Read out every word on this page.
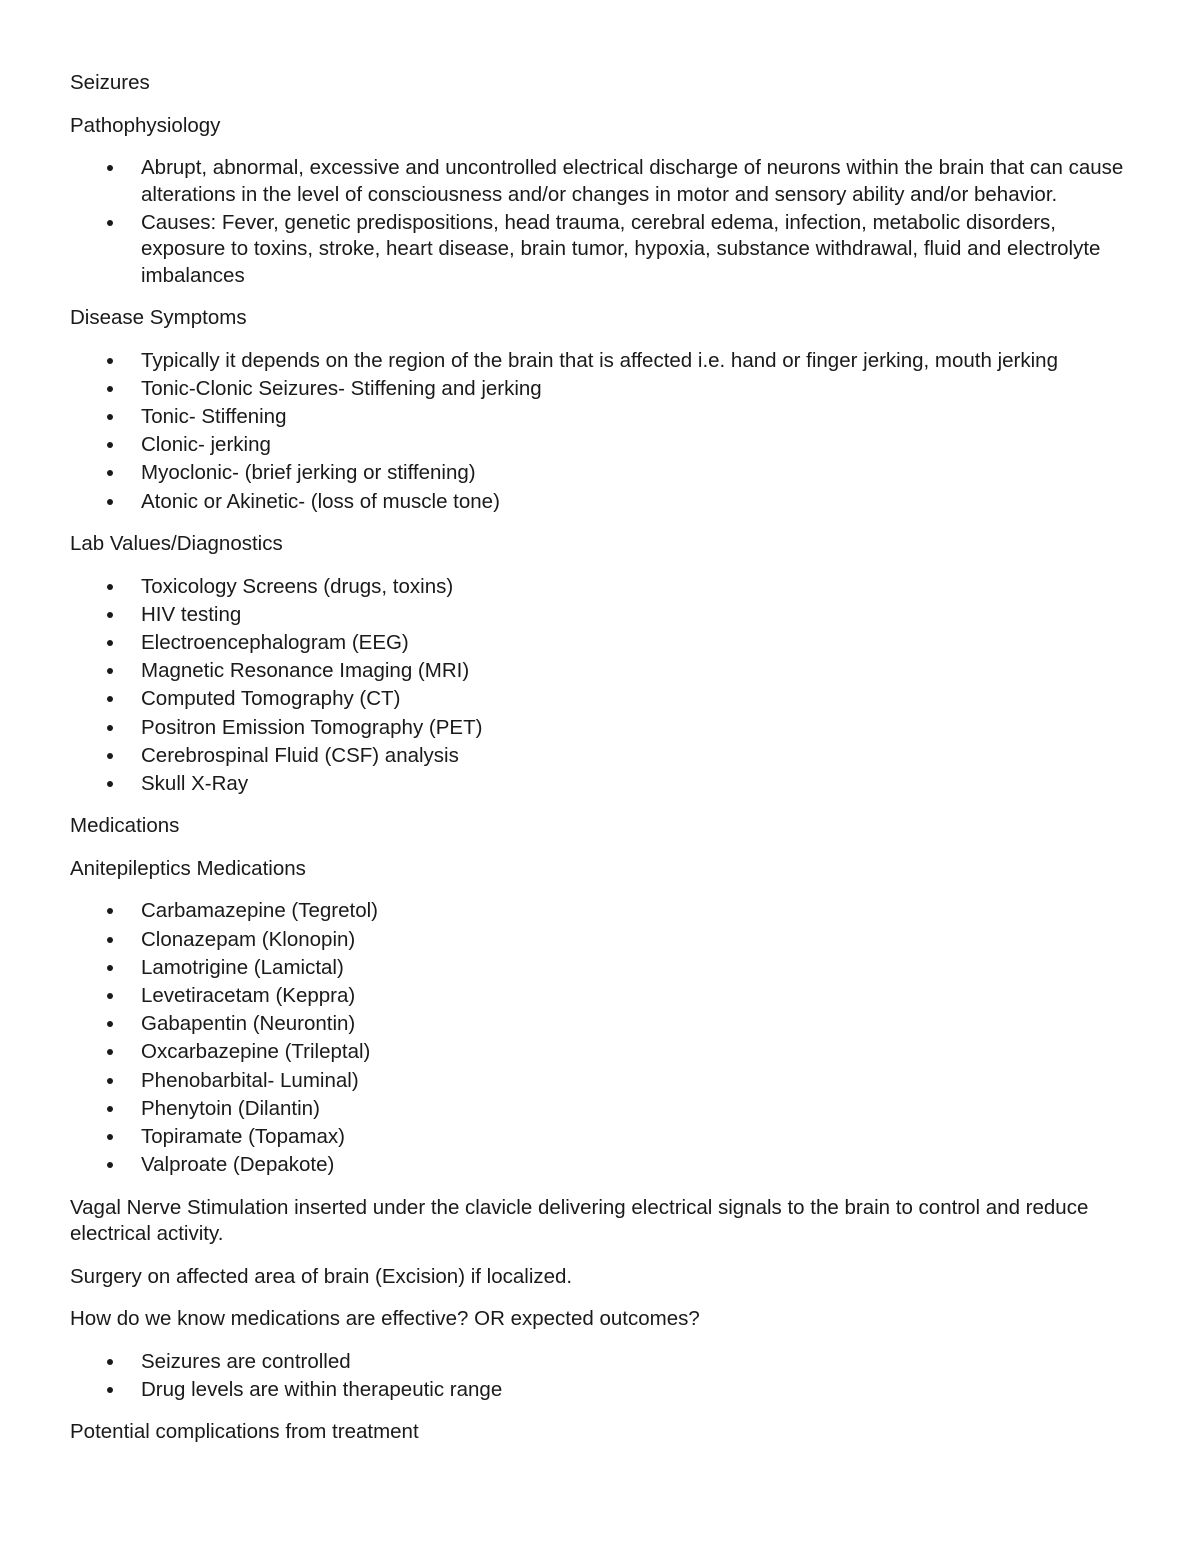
Seizures

Pathophysiology

Abrupt, abnormal, excessive and uncontrolled electrical discharge of neurons within the brain that can cause alterations in the level of consciousness and/or changes in motor and sensory ability and/or behavior.
Causes: Fever, genetic predispositions, head trauma, cerebral edema, infection, metabolic disorders, exposure to toxins, stroke, heart disease, brain tumor, hypoxia, substance withdrawal, fluid and electrolyte imbalances

Disease Symptoms

Typically it depends on the region of the brain that is affected i.e. hand or finger jerking, mouth jerking
Tonic-Clonic Seizures- Stiffening and jerking
Tonic- Stiffening
Clonic- jerking
Myoclonic- (brief jerking or stiffening)
Atonic or Akinetic- (loss of muscle tone)

Lab Values/Diagnostics

Toxicology Screens (drugs, toxins)
HIV testing
Electroencephalogram (EEG)
Magnetic Resonance Imaging (MRI)
Computed Tomography (CT)
Positron Emission Tomography (PET)
Cerebrospinal Fluid (CSF) analysis
Skull X-Ray

Medications

Anitepileptics Medications

Carbamazepine (Tegretol)
Clonazepam (Klonopin)
Lamotrigine (Lamictal)
Levetiracetam (Keppra)
Gabapentin (Neurontin)
Oxcarbazepine (Trileptal)
Phenobarbital- Luminal)
Phenytoin (Dilantin)
Topiramate (Topamax)
Valproate (Depakote)

Vagal Nerve Stimulation inserted under the clavicle delivering electrical signals to the brain to control and reduce electrical activity.

Surgery on affected area of brain (Excision) if localized.

How do we know medications are effective? OR expected outcomes?

Seizures are controlled
Drug levels are within therapeutic range

Potential complications from treatment
